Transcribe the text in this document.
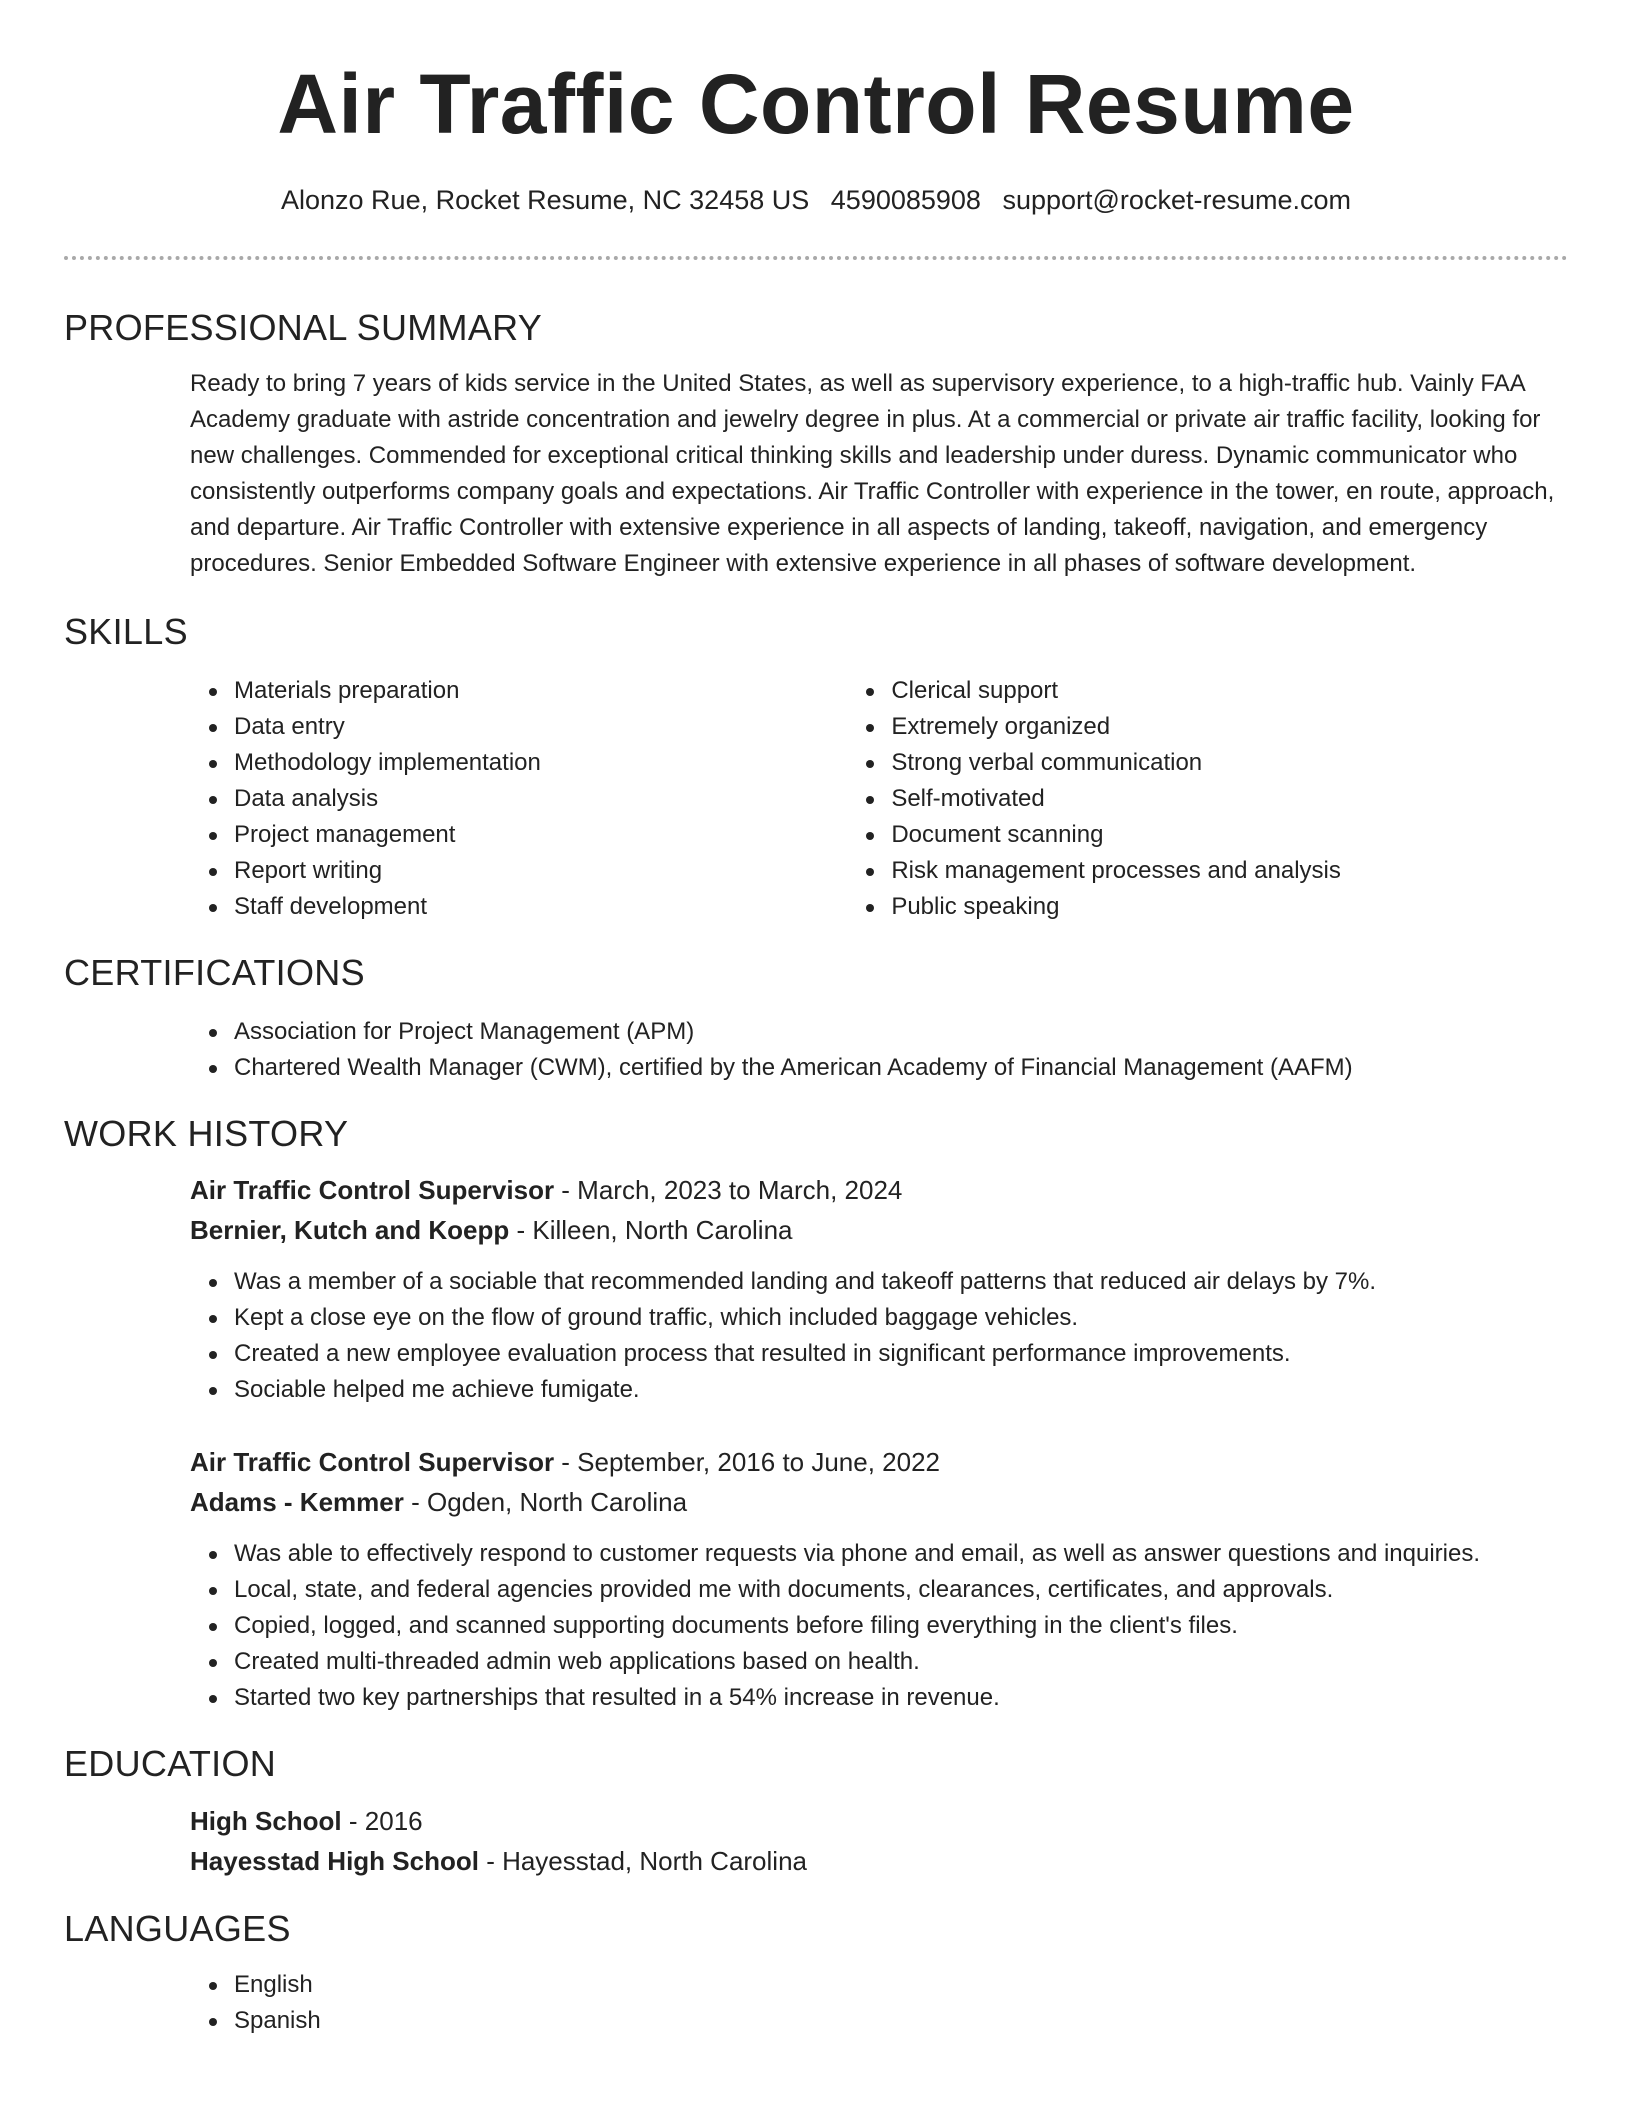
Air Traffic Control Resume
Alonzo Rue, Rocket Resume, NC 32458 US 4590085908 support@rocket-resume.com
PROFESSIONAL SUMMARY
Ready to bring 7 years of kids service in the United States, as well as supervisory experience, to a high-traffic hub. Vainly FAA Academy graduate with astride concentration and jewelry degree in plus. At a commercial or private air traffic facility, looking for new challenges. Commended for exceptional critical thinking skills and leadership under duress. Dynamic communicator who consistently outperforms company goals and expectations. Air Traffic Controller with experience in the tower, en route, approach, and departure. Air Traffic Controller with extensive experience in all aspects of landing, takeoff, navigation, and emergency procedures. Senior Embedded Software Engineer with extensive experience in all phases of software development.
SKILLS
Materials preparation
Data entry
Methodology implementation
Data analysis
Project management
Report writing
Staff development
Clerical support
Extremely organized
Strong verbal communication
Self-motivated
Document scanning
Risk management processes and analysis
Public speaking
CERTIFICATIONS
Association for Project Management (APM)
Chartered Wealth Manager (CWM), certified by the American Academy of Financial Management (AAFM)
WORK HISTORY
Air Traffic Control Supervisor - March, 2023 to March, 2024
Bernier, Kutch and Koepp - Killeen, North Carolina
Was a member of a sociable that recommended landing and takeoff patterns that reduced air delays by 7%.
Kept a close eye on the flow of ground traffic, which included baggage vehicles.
Created a new employee evaluation process that resulted in significant performance improvements.
Sociable helped me achieve fumigate.
Air Traffic Control Supervisor - September, 2016 to June, 2022
Adams - Kemmer - Ogden, North Carolina
Was able to effectively respond to customer requests via phone and email, as well as answer questions and inquiries.
Local, state, and federal agencies provided me with documents, clearances, certificates, and approvals.
Copied, logged, and scanned supporting documents before filing everything in the client's files.
Created multi-threaded admin web applications based on health.
Started two key partnerships that resulted in a 54% increase in revenue.
EDUCATION
High School - 2016
Hayesstad High School - Hayesstad, North Carolina
LANGUAGES
English
Spanish
